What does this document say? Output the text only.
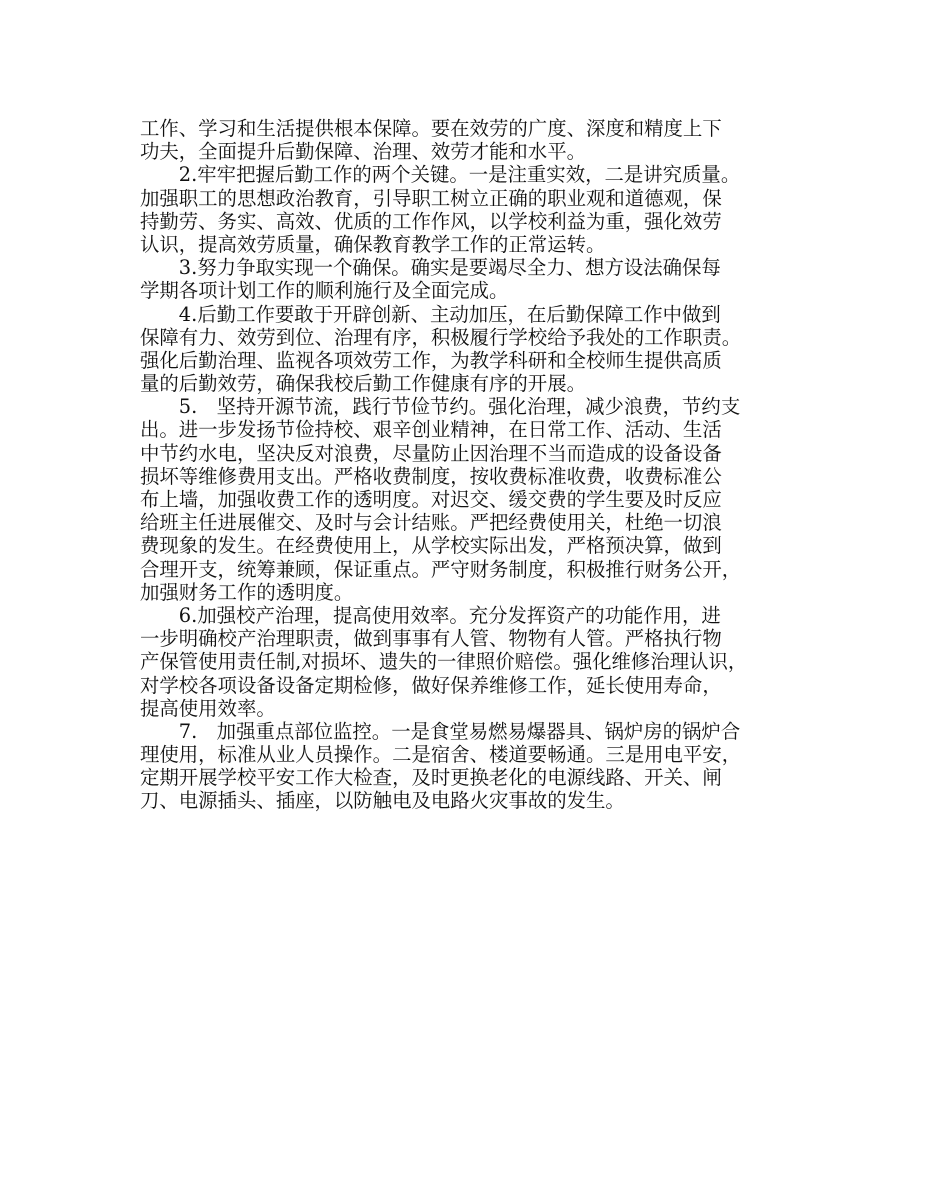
工作、学习和生活提供根本保障。要在效劳的广度、深度和精度上下
功夫，全面提升后勤保障、治理、效劳才能和水平。
　　2.牢牢把握后勤工作的两个关键。一是注重实效，二是讲究质量。
加强职工的思想政治教育，引导职工树立正确的职业观和道德观，保
持勤劳、务实、高效、优质的工作作风，以学校利益为重，强化效劳
认识，提高效劳质量，确保教育教学工作的正常运转。
　　3.努力争取实现一个确保。确实是要竭尽全力、想方设法确保每
学期各项计划工作的顺利施行及全面完成。
　　4.后勤工作要敢于开辟创新、主动加压，在后勤保障工作中做到
保障有力、效劳到位、治理有序，积极履行学校给予我处的工作职责。
强化后勤治理、监视各项效劳工作，为教学科研和全校师生提供高质
量的后勤效劳，确保我校后勤工作健康有序的开展。
　　5.　坚持开源节流，践行节俭节约。强化治理，减少浪费，节约支
出。进一步发扬节俭持校、艰辛创业精神，在日常工作、活动、生活
中节约水电，坚决反对浪费，尽量防止因治理不当而造成的设备设备
损坏等维修费用支出。严格收费制度，按收费标准收费，收费标准公
布上墙，加强收费工作的透明度。对迟交、缓交费的学生要及时反应
给班主任进展催交、及时与会计结账。严把经费使用关，杜绝一切浪
费现象的发生。在经费使用上，从学校实际出发，严格预决算，做到
合理开支，统筹兼顾，保证重点。严守财务制度，积极推行财务公开，
加强财务工作的透明度。
　　6.加强校产治理，提高使用效率。充分发挥资产的功能作用，进
一步明确校产治理职责，做到事事有人管、物物有人管。严格执行物
产保管使用责任制,对损坏、遗失的一律照价赔偿。强化维修治理认识，
对学校各项设备设备定期检修，做好保养维修工作，延长使用寿命，
提高使用效率。
　　7.　加强重点部位监控。一是食堂易燃易爆器具、锅炉房的锅炉合
理使用，标准从业人员操作。二是宿舍、楼道要畅通。三是用电平安，
定期开展学校平安工作大检查，及时更换老化的电源线路、开关、闸
刀、电源插头、插座，以防触电及电路火灾事故的发生。
